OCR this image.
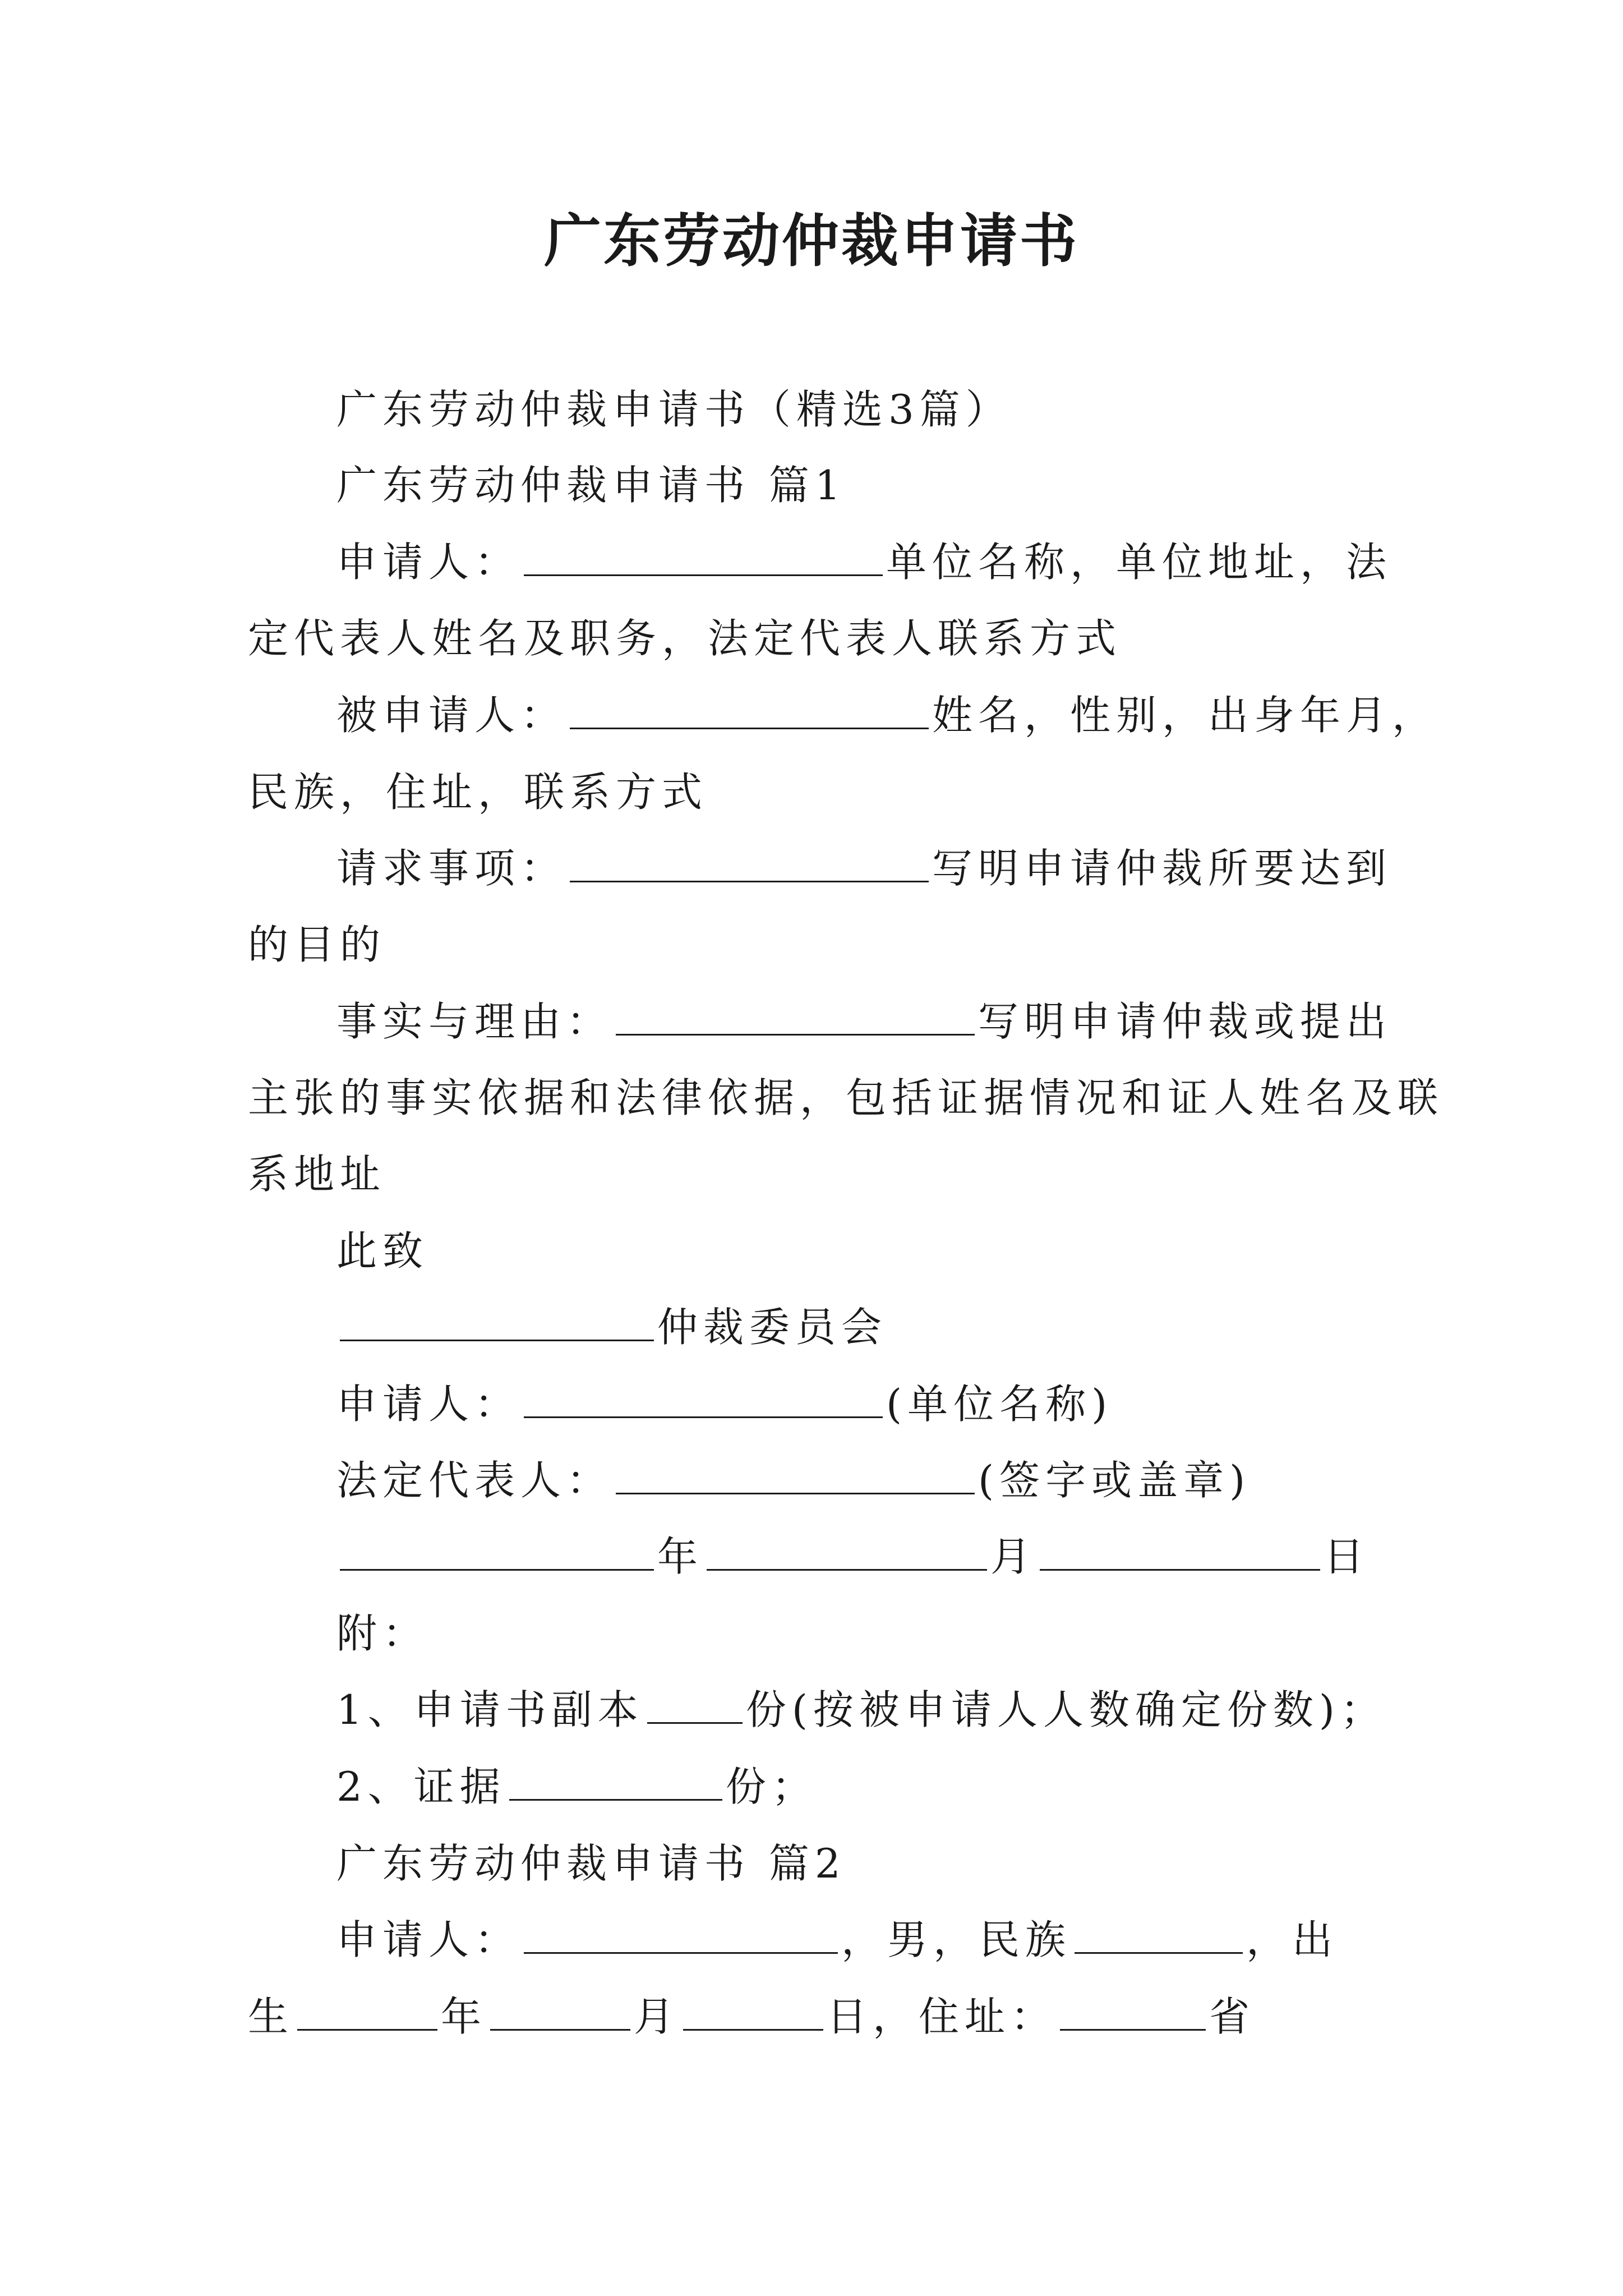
广东劳动仲裁申请书
广东劳动仲裁申请书（精选3篇）
广东劳动仲裁申请书 篇1
申请人：	单位名称，单位地址，法
定代表人姓名及职务，法定代表人联系方式
被申请人：	姓名，性别，出身年月，
民族，住址，联系方式
请求事项：	写明申请仲裁所要达到
的目的
事实与理由：	写明申请仲裁或提出
主张的事实依据和法律依据，包括证据情况和证人姓名及联
系地址
此致
仲裁委员会
申请人：	(单位名称)
法定代表人：	(签字或盖章)
年	月	日
附：
1、申请书副本	份(按被申请人人数确定份数)；
2、证据	份；
广东劳动仲裁申请书 篇2
申请人：	，男，民族	，出
生	年	月	日，住址：	省
